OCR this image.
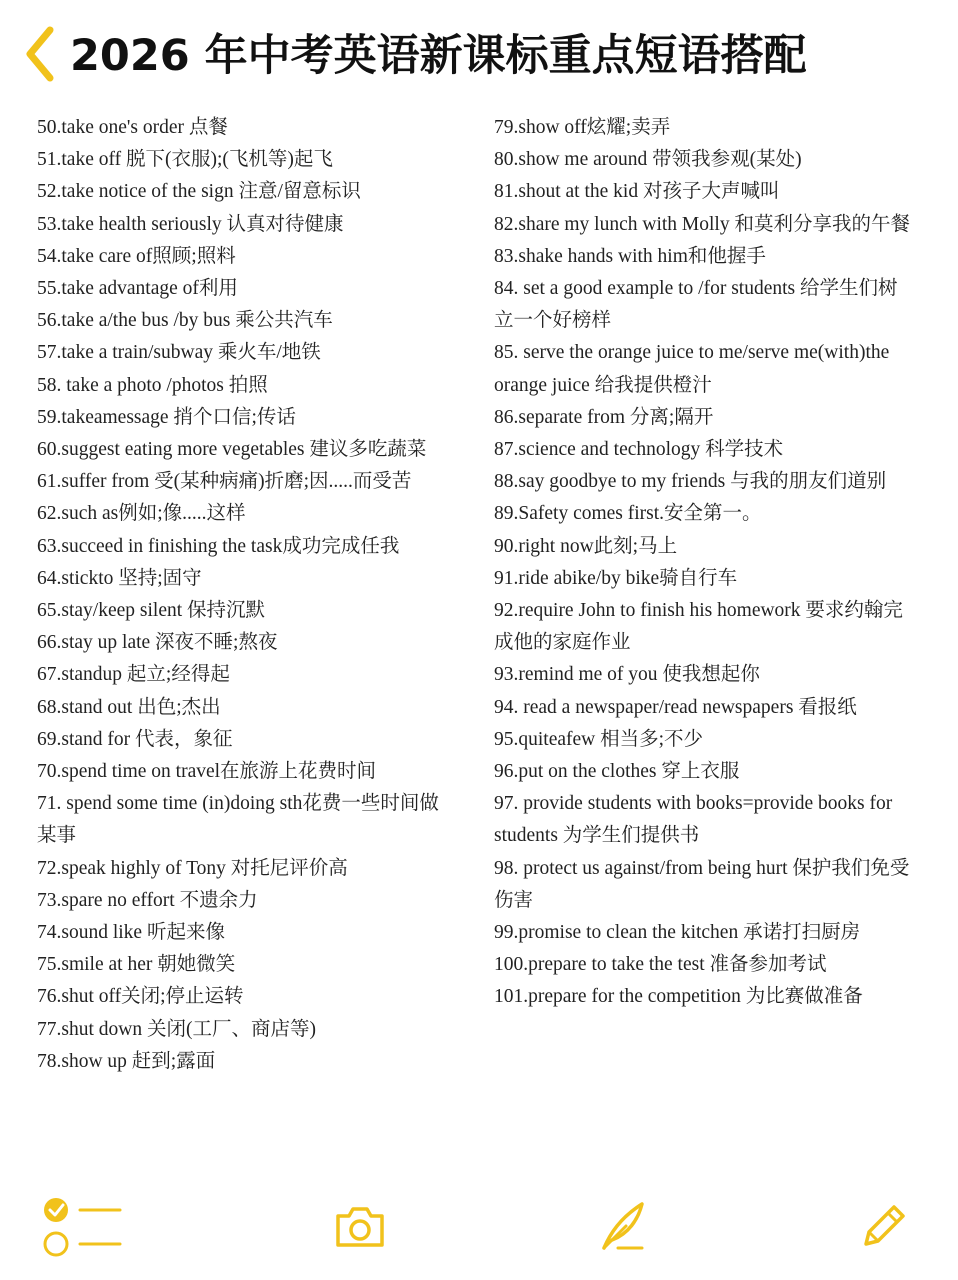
2026 年中考英语新课标重点短语搭配

50.take one's order 点餐

51.take off 脱下(衣服);(飞机等)起飞

52.take notice of the sign 注意/留意标识

53.take health seriously 认真对待健康

54.take care of照顾;照料

55.take advantage of利用

56.take a/the bus /by bus 乘公共汽车

57.take a train/subway 乘火车/地铁

58. take a photo /photos 拍照

59.takeamessage 捎个口信;传话

60.suggest eating more vegetables 建议多吃蔬菜

61.suffer from 受(某种病痛)折磨;因.....而受苦

62.such as例如;像.....这样

63.succeed in finishing the task成功完成任我

64.stickto 坚持;固守

65.stay/keep silent 保持沉默

66.stay up late 深夜不睡;熬夜

67.standup 起立;经得起

68.stand out 出色;杰出

69.stand for 代表，象征

70.spend time on travel在旅游上花费时间

71. spend some time (in)doing sth花费一些时间做某事

72.speak highly of Tony 对托尼评价高

73.spare no effort 不遗余力

74.sound like 听起来像

75.smile at her 朝她微笑

76.shut off关闭;停止运转

77.shut down 关闭(工厂、商店等)

78.show up 赶到;露面

79.show off炫耀;卖弄

80.show me around 带领我参观(某处)

81.shout at the kid 对孩子大声喊叫

82.share my lunch with Molly 和莫利分享我的午餐

83.shake hands with him和他握手

84. set a good example to /for students 给学生们树立一个好榜样

85. serve the orange juice to me/serve me(with)the orange juice 给我提供橙汁

86.separate from 分离;隔开

87.science and technology 科学技术

88.say goodbye to my friends 与我的朋友们道别

89.Safety comes first.安全第一。

90.right now此刻;马上

91.ride abike/by bike骑自行车

92.require John to finish his homework 要求约翰完成他的家庭作业

93.remind me of you 使我想起你

94. read a newspaper/read newspapers 看报纸

95.quiteafew 相当多;不少

96.put on the clothes 穿上衣服

97. provide students with books=provide books for students 为学生们提供书

98. protect us against/from being hurt 保护我们免受伤害

99.promise to clean the kitchen 承诺打扫厨房

100.prepare to take the test 准备参加考试

101.prepare for the competition 为比赛做准备
